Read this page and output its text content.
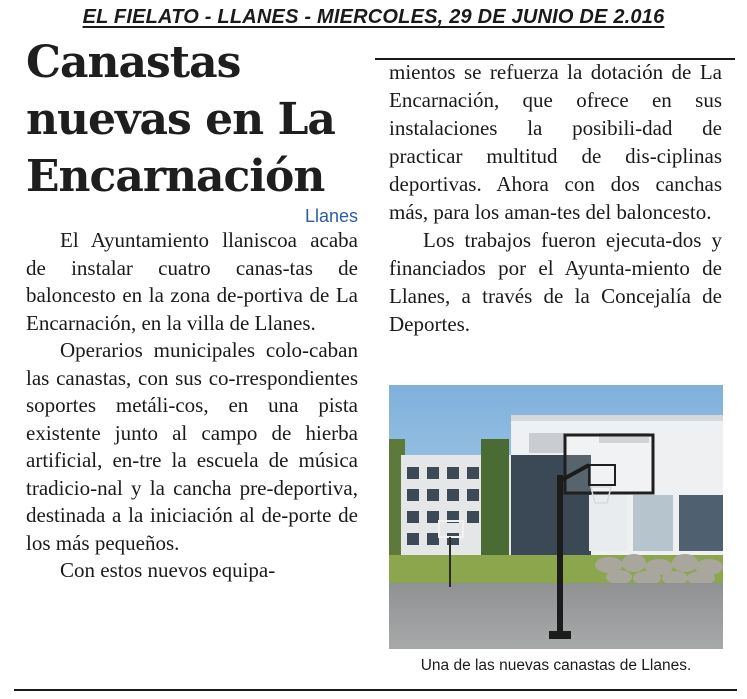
EL FIELATO - LLANES - MIERCOLES, 29 DE JUNIO DE 2.016
Canastas
nuevas en La
Encarnación
Llanes

El Ayuntamiento llaniscoa acaba de instalar cuatro canas-tas de baloncesto en la zona de-portiva de La Encarnación, en la villa de Llanes.

Operarios municipales colo-caban las canastas, con sus co-rrespondientes soportes metáli-cos, en una pista existente junto al campo de hierba artificial, en-tre la escuela de música tradicio-nal y la cancha pre-deportiva, destinada a la iniciación al de-porte de los más pequeños.

Con estos nuevos equipa-

mientos se refuerza la dotación de La Encarnación, que ofrece en sus instalaciones la posibili-dad de practicar multitud de dis-ciplinas deportivas. Ahora con dos canchas más, para los aman-tes del baloncesto.

Los trabajos fueron ejecuta-dos y financiados por el Ayunta-miento de Llanes, a través de la Concejalía de Deportes.

Una de las nuevas canastas de Llanes.
